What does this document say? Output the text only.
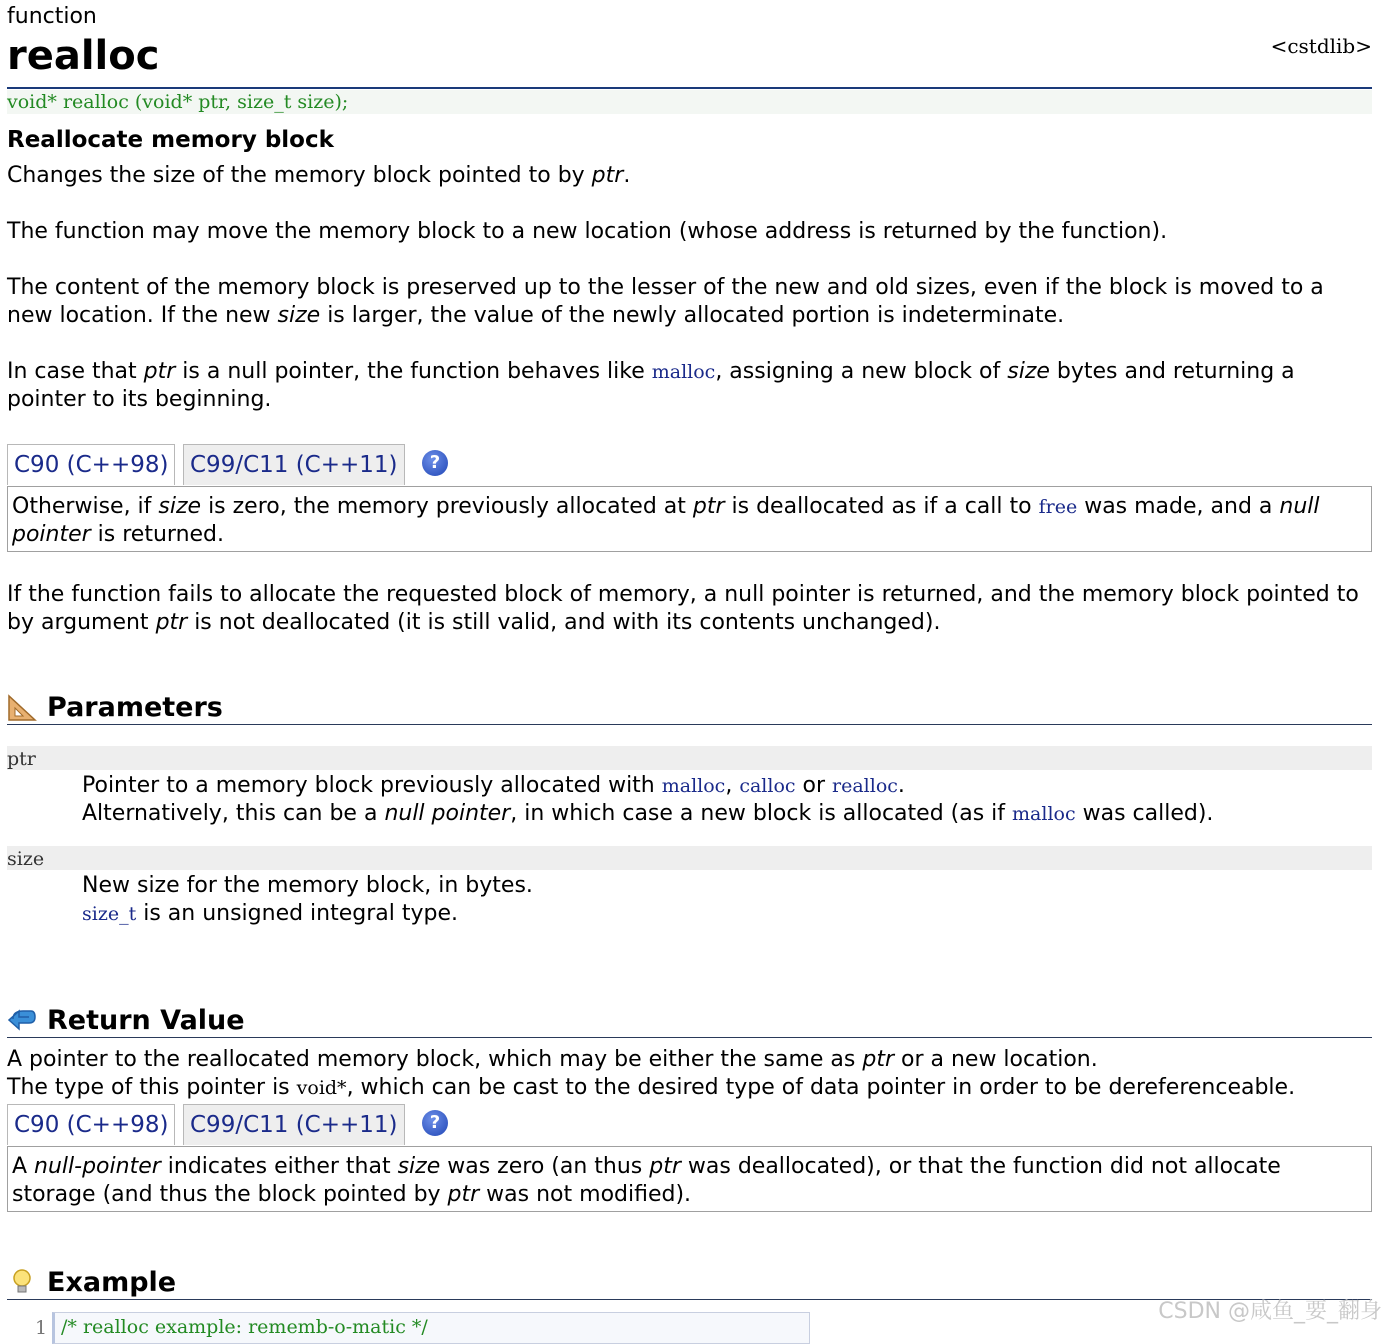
function
realloc	<cstdlib>
void* realloc (void* ptr, size_t size);
Reallocate memory block
Changes the size of the memory block pointed to by ptr.
The function may move the memory block to a new location (whose address is returned by the function).
The content of the memory block is preserved up to the lesser of the new and old sizes, even if the block is moved to a new location. If the new size is larger, the value of the newly allocated portion is indeterminate.
In case that ptr is a null pointer, the function behaves like malloc, assigning a new block of size bytes and returning a pointer to its beginning.
C90 (C++98) C99/C11 (C++11)	?
Otherwise, if size is zero, the memory previously allocated at ptr is deallocated as if a call to free was made, and a null pointer is returned.
If the function fails to allocate the requested block of memory, a null pointer is returned, and the memory block pointed to by argument ptr is not deallocated (it is still valid, and with its contents unchanged).
Parameters
ptr
Pointer to a memory block previously allocated with malloc, calloc or realloc.
Alternatively, this can be a null pointer, in which case a new block is allocated (as if malloc was called).
size
New size for the memory block, in bytes.
size_t is an unsigned integral type.
Return Value
A pointer to the reallocated memory block, which may be either the same as ptr or a new location.
The type of this pointer is void*, which can be cast to the desired type of data pointer in order to be dereferenceable.
C90 (C++98) C99/C11 (C++11)	?
A null-pointer indicates either that size was zero (an thus ptr was deallocated), or that the function did not allocate storage (and thus the block pointed by ptr was not modified).
Example
1 /* realloc example: rememb-o-matic */
CSDN @咸鱼_要_翻身
